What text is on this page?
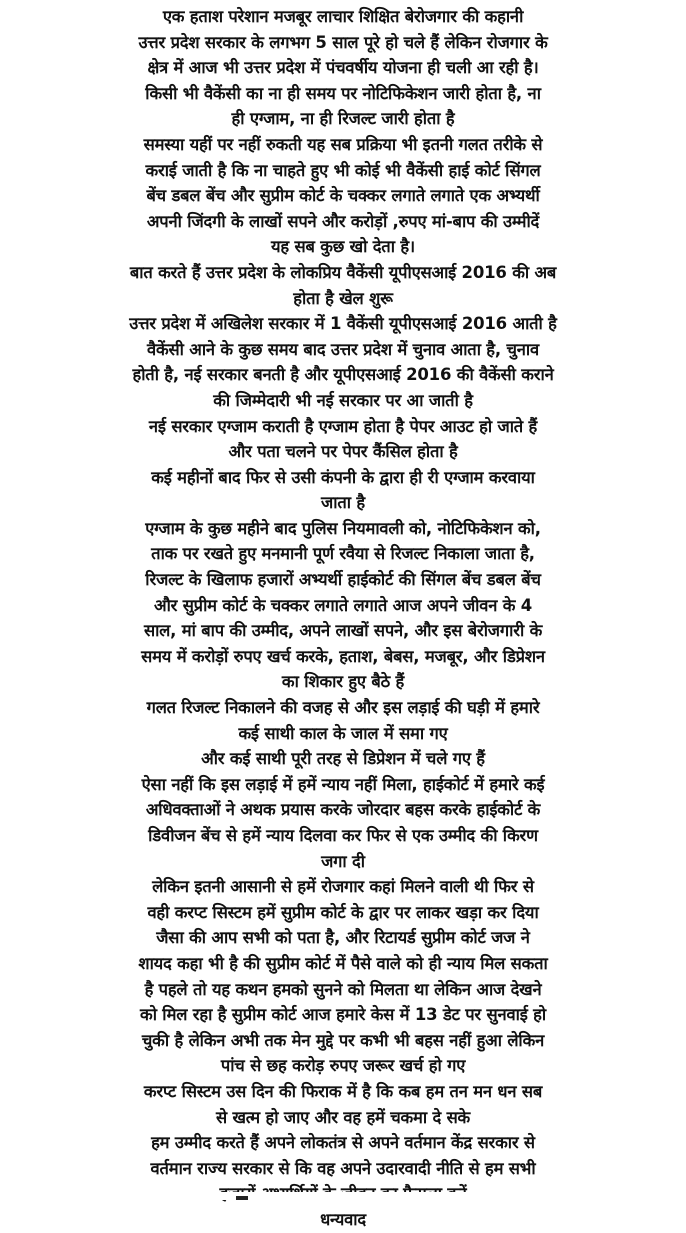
एक हताश परेशान मजबूर लाचार शिक्षित बेरोजगार की कहानी
उत्तर प्रदेश सरकार के लगभग 5 साल पूरे हो चले हैं लेकिन रोजगार के
क्षेत्र में आज भी उत्तर प्रदेश में पंचवर्षीय योजना ही चली आ रही है।
किसी भी वैकेंसी का ना ही समय पर नोटिफिकेशन जारी होता है, ना
ही एग्जाम, ना ही रिजल्ट जारी होता है
समस्या यहीं पर नहीं रुकती यह सब प्रक्रिया भी इतनी गलत तरीके से
कराई जाती है कि ना चाहते हुए भी कोई भी वैकेंसी हाई कोर्ट सिंगल
बेंच डबल बेंच और सुप्रीम कोर्ट के चक्कर लगाते लगाते एक अभ्यर्थी
अपनी जिंदगी के लाखों सपने और करोड़ों ,रुपए मां-बाप की उम्मीदें
यह सब कुछ खो देता है।
बात करते हैं उत्तर प्रदेश के लोकप्रिय वैकेंसी यूपीएसआई 2016 की अब
होता है खेल शुरू
उत्तर प्रदेश में अखिलेश सरकार में 1 वैकेंसी यूपीएसआई 2016 आती है
वैकेंसी आने के कुछ समय बाद उत्तर प्रदेश में चुनाव आता है, चुनाव
होती है, नई सरकार बनती है और यूपीएसआई 2016 की वैकेंसी कराने
की जिम्मेदारी भी नई सरकार पर आ जाती है
नई सरकार एग्जाम कराती है एग्जाम होता है पेपर आउट हो जाते हैं
और पता चलने पर पेपर कैंसिल होता है
कई महीनों बाद फिर से उसी कंपनी के द्वारा ही री एग्जाम करवाया
जाता है
एग्जाम के कुछ महीने बाद पुलिस नियमावली को, नोटिफिकेशन को,
ताक पर रखते हुए मनमानी पूर्ण रवैया से रिजल्ट निकाला जाता है,
रिजल्ट के खिलाफ हजारों अभ्यर्थी हाईकोर्ट की सिंगल बेंच डबल बेंच
और सुप्रीम कोर्ट के चक्कर लगाते लगाते आज अपने जीवन के 4
साल, मां बाप की उम्मीद, अपने लाखों सपने, और इस बेरोजगारी के
समय में करोड़ों रुपए खर्च करके, हताश, बेबस, मजबूर, और डिप्रेशन
का शिकार हुए बैठे हैं
गलत रिजल्ट निकालने की वजह से और इस लड़ाई की घड़ी में हमारे
कई साथी काल के जाल में समा गए
और कई साथी पूरी तरह से डिप्रेशन में चले गए हैं
ऐसा नहीं कि इस लड़ाई में हमें न्याय नहीं मिला, हाईकोर्ट में हमारे कई
अधिवक्ताओं ने अथक प्रयास करके जोरदार बहस करके हाईकोर्ट के
डिवीजन बेंच से हमें न्याय दिलवा कर फिर से एक उम्मीद की किरण
जगा दी
लेकिन इतनी आसानी से हमें रोजगार कहां मिलने वाली थी फिर से
वही करप्ट सिस्टम हमें सुप्रीम कोर्ट के द्वार पर लाकर खड़ा कर दिया
जैसा की आप सभी को पता है, और रिटायर्ड सुप्रीम कोर्ट जज ने
शायद कहा भी है की सुप्रीम कोर्ट में पैसे वाले को ही न्याय मिल सकता
है पहले तो यह कथन हमको सुनने को मिलता था लेकिन आज देखने
को मिल रहा है सुप्रीम कोर्ट आज हमारे केस में 13 डेट पर सुनवाई हो
चुकी है लेकिन अभी तक मेन मुद्दे पर कभी भी बहस नहीं हुआ लेकिन
पांच से छह करोड़ रुपए जरूर खर्च हो गए
करप्ट सिस्टम उस दिन की फिराक में है कि कब हम तन मन धन सब
से खत्म हो जाए और वह हमें चकमा दे सके
हम उम्मीद करते हैं अपने लोकतंत्र से अपने वर्तमान केंद्र सरकार से
वर्तमान राज्य सरकार से कि वह अपने उदारवादी नीति से हम सभी
धन्यवाद
